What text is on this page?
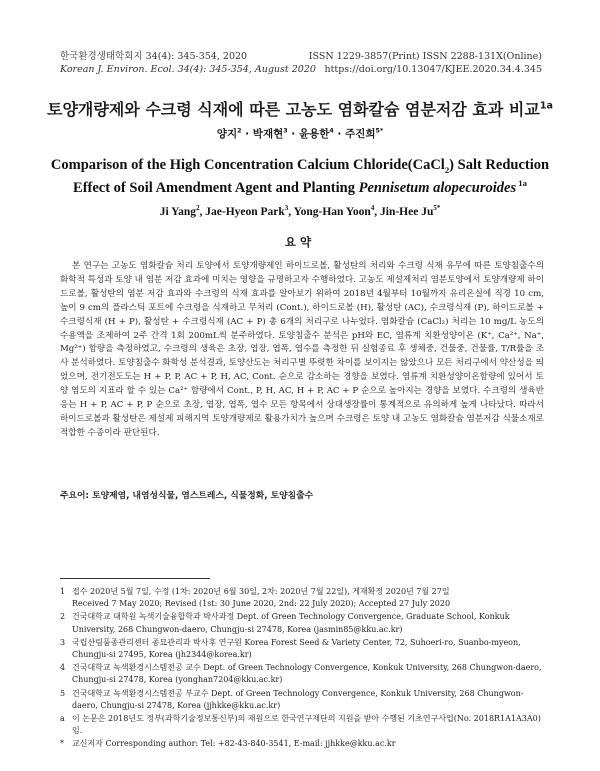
한국환경생태학회지 34(4): 345-354, 2020
Korean J. Environ. Ecol. 34(4): 345-354, August 2020
ISSN 1229-3857(Print) ISSN 2288-131X(Online)
https://doi.org/10.13047/KJEE.2020.34.4.345
토양개량제와 수크령 식재에 따른 고농도 염화칼슘 염분저감 효과 비교$^{1a}$
양지$^2$ · 박재현$^3$ · 윤용한$^4$ · 주진희$^{5*}$
Comparison of the High Concentration Calcium Chloride(CaCl$_2$) Salt Reduction Effect of Soil Amendment Agent and Planting Pennisetum alopecuroides $^{1a}$
Ji Yang$^2$, Jae-Hyeon Park$^3$, Yong-Han Yoon$^4$, Jin-Hee $Ju^{5*}$
요약
본 연구는 고농도 염화칼슘 처리 토양에서 토양개량제인 하이드로볼, 활성탄의 처리와 수크령 식재 유무에 따른 토양침출수의 화학적 특성과 토양 내 염분 저감 효과에 미치는 영향을 규명하고자 수행하였다. 고농도 제설제처리 염분토양에서 토양개량제 하이드로볼, 활성탄의 염분 저감 효과와 수크령의 식재 효과를 알아보기 위하여 2018년 4월부터 10월까지 유리온실에 직경 10 cm, 높이 9 cm의 플라스틱 포트에 수크령을 식재하고 무처리 (Cont.), 하이드로볼 (H), 활성탄 (AC), 수크령식재 (P), 하이드로볼 + 수크령식재 (H + P), 활성탄 + 수크령식재 (AC + P) 총 6개의 처리구로 나누었다. 염화칼슘 (CaCl₂) 처리는 10 mg/L 농도의 수용액을 조제하여 2주 간격 1회 200mL씩 분주하였다. 토양침출수 분석은 pH와 EC, 염류계 치환성양이온 (K⁺, Ca²⁺, Na⁺, Mg²⁺) 함량을 측정하였고, 수크령의 생육은 초장, 엽장, 엽폭, 엽수를 측정한 뒤 실험종료 후 생체중, 건물중, 건물률, T/R률을 조사 분석하였다. 토양침출수 화학성 분석결과, 토양산도는 처리구별 뚜렷한 차이를 보이지는 않았으나 모든 처리구에서 약산성을 띄었으며, 전기전도도는 H + P, P, AC + P, H, AC, Cont. 순으로 감소하는 경향을 보였다. 염류계 치환성양이온함량에 있어서 토양 염도의 지표라 할 수 있는 Ca²⁺ 함량에서 Cont., P, H, AC, H + P, AC + P 순으로 높아지는 경향을 보였다. 수크령의 생육반응는 H + P, AC + P, P 순으로 초장, 엽장, 엽폭, 엽수 모든 항목에서 상대생장률이 통계적으로 유의하게 높게 나타났다. 따라서 하이드로볼과 활성탄은 제설제 피해지역 토양개량제로 활용가치가 높으며 수크령은 토양 내 고농도 염화칼슘 염분저감 식물소재로 적합한 수종이라 판단된다.
주요어: 토양제염, 내염성식물, 염스트레스, 식물정화, 토양침출수
1 접수 2020년 5월 7일, 수정 (1차: 2020년 6월 30일, 2차: 2020년 7월 22일), 게재확정 2020년 7월 27일
Received 7 May 2020; Revised (1st: 30 June 2020, 2nd: 22 July 2020); Accepted 27 July 2020
2 건국대학교 대학원 녹색기술융합학과 박사과정 Dept. of Green Technology Convergence, Graduate School, Konkuk University, 268 Chungwon-daero, Chungju-si 27478, Korea (jasmin85@kku.ac.kr)
3 국립산림품종관리센터 종묘관리과 박사후 연구원 Korea Forest Seed & Variety Center, 72, Suhoeri-ro, Suanbo-myeon, Chungju-si 27495, Korea (jh2344@korea.kr)
4 건국대학교 녹색환경시스템전공 교수 Dept. of Green Technology Convergence, Konkuk University, 268 Chungwon-daero, Chungju-si 27478, Korea (yonghan7204@kku.ac.kr)
5 건국대학교 녹색환경시스템전공 부교수 Dept. of Green Technology Convergence, Konkuk University, 268 Chungwon-daero, Chungju-si 27478, Korea (jjhkke@kku.ac.kr)
a 이 논문은 2018년도 정부(과학기술정보통신부)의 재원으로 한국연구재단의 지원을 받아 수행된 기초연구사업(No. 2018R1A1A3A0)임.
*	교신저자 Corresponding author: Tel: +82-43-840-3541, E-mail: jjhkke@kku.ac.kr
